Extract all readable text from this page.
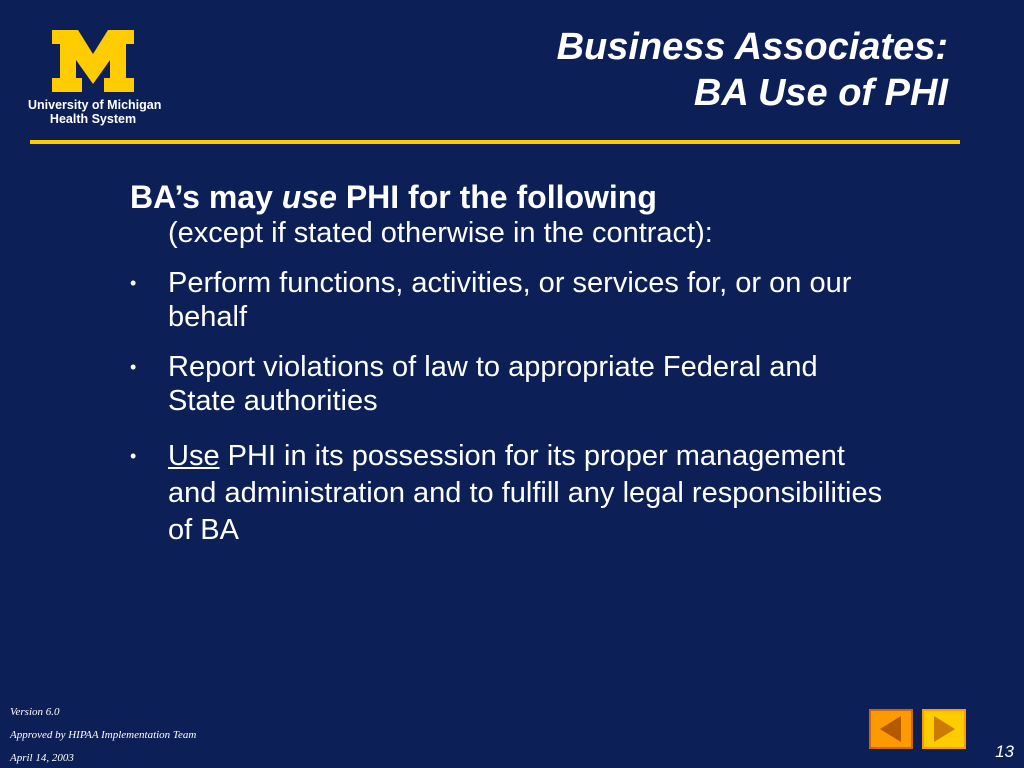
University of Michigan
Health System
Business Associates:
BA Use of PHI
BA’s may use PHI for the following
(except if stated otherwise in the contract):
• Perform functions, activities, or services for, or on our behalf
• Report violations of law to appropriate Federal and State authorities
• Use PHI in its possession for its proper management and administration and to fulfill any legal responsibilities of BA
Version 6.0
Approved by HIPAA Implementation Team
April 14, 2003	13
